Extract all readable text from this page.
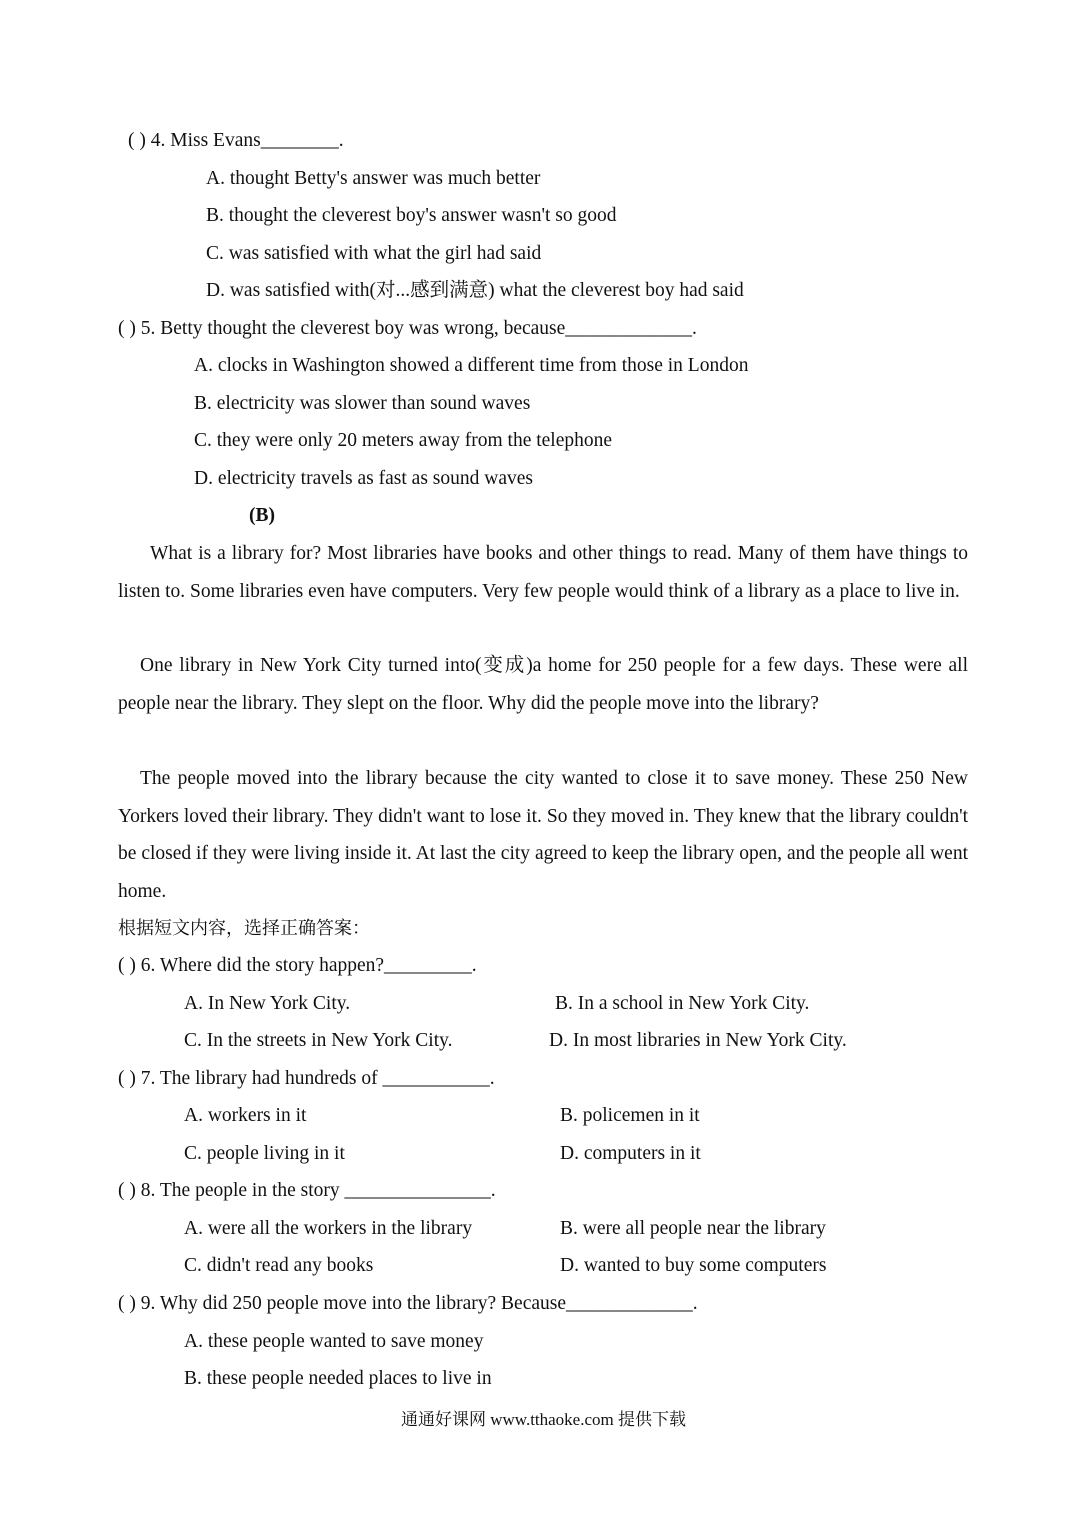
( ) 4. Miss Evans________.
A. thought Betty's answer was much better
B. thought the cleverest boy's answer wasn't so good
C. was satisfied with what the girl had said
D. was satisfied with(对...感到满意) what the cleverest boy had said
( ) 5. Betty thought the cleverest boy was wrong, because_____________.
A. clocks in Washington showed a different time from those in London
B. electricity was slower than sound waves
C. they were only 20 meters away from the telephone
D. electricity travels as fast as sound waves
(B)

What is a library for? Most libraries have books and other things to read. Many of them have things to listen to. Some libraries even have computers. Very few people would think of a library as a place to live in.

One library in New York City turned into(变成)a home for 250 people for a few days. These were all people near the library. They slept on the floor. Why did the people move into the library?

The people moved into the library because the city wanted to close it to save money. These 250 New Yorkers loved their library. They didn't want to lose it. So they moved in. They knew that the library couldn't be closed if they were living inside it. At last the city agreed to keep the library open, and the people all went home.

根据短文内容，选择正确答案：
( ) 6. Where did the story happen?_________.
A. In New York City.	B. In a school in New York City.
C. In the streets in New York City.	D. In most libraries in New York City.
( ) 7. The library had hundreds of ___________.
A. workers in it	B. policemen in it
C. people living in it	D. computers in it
( ) 8. The people in the story _______________.
A. were all the workers in the library	B. were all people near the library
C. didn't read any books	D. wanted to buy some computers
( ) 9. Why did 250 people move into the library? Because_____________.
A. these people wanted to save money
B. these people needed places to live in
通通好课网 www.tthaoke.com 提供下载
